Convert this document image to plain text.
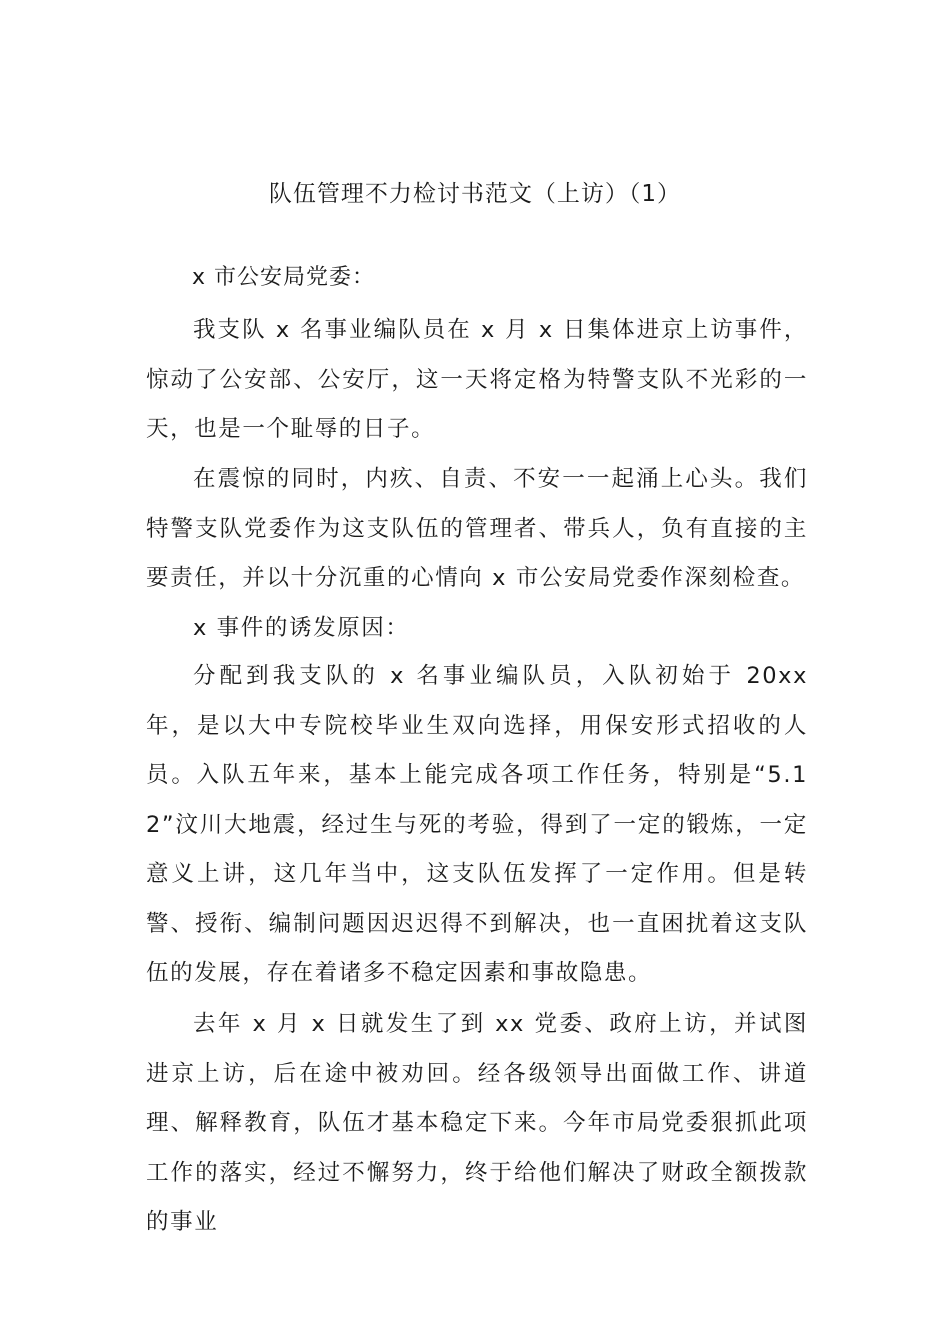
队伍管理不力检讨书范文（上访）（1）

x 市公安局党委：

我支队 x 名事业编队员在 x 月 x 日集体进京上访事件，惊动了公安部、公安厅，这一天将定格为特警支队不光彩的一天，也是一个耻辱的日子。

在震惊的同时，内疚、自责、不安一一起涌上心头。我们特警支队党委作为这支队伍的管理者、带兵人，负有直接的主要责任，并以十分沉重的心情向 x 市公安局党委作深刻检查。

x 事件的诱发原因：

分配到我支队的 x 名事业编队员，入队初始于 20xx 年，是以大中专院校毕业生双向选择，用保安形式招收的人员。入队五年来，基本上能完成各项工作任务，特别是“5.12”汶川大地震，经过生与死的考验，得到了一定的锻炼，一定意义上讲，这几年当中，这支队伍发挥了一定作用。但是转警、授衔、编制问题因迟迟得不到解决，也一直困扰着这支队伍的发展，存在着诸多不稳定因素和事故隐患。

去年 x 月 x 日就发生了到 xx 党委、政府上访，并试图进京上访，后在途中被劝回。经各级领导出面做工作、讲道理、解释教育，队伍才基本稳定下来。今年市局党委狠抓此项工作的落实，经过不懈努力，终于给他们解决了财政全额拨款的事业
